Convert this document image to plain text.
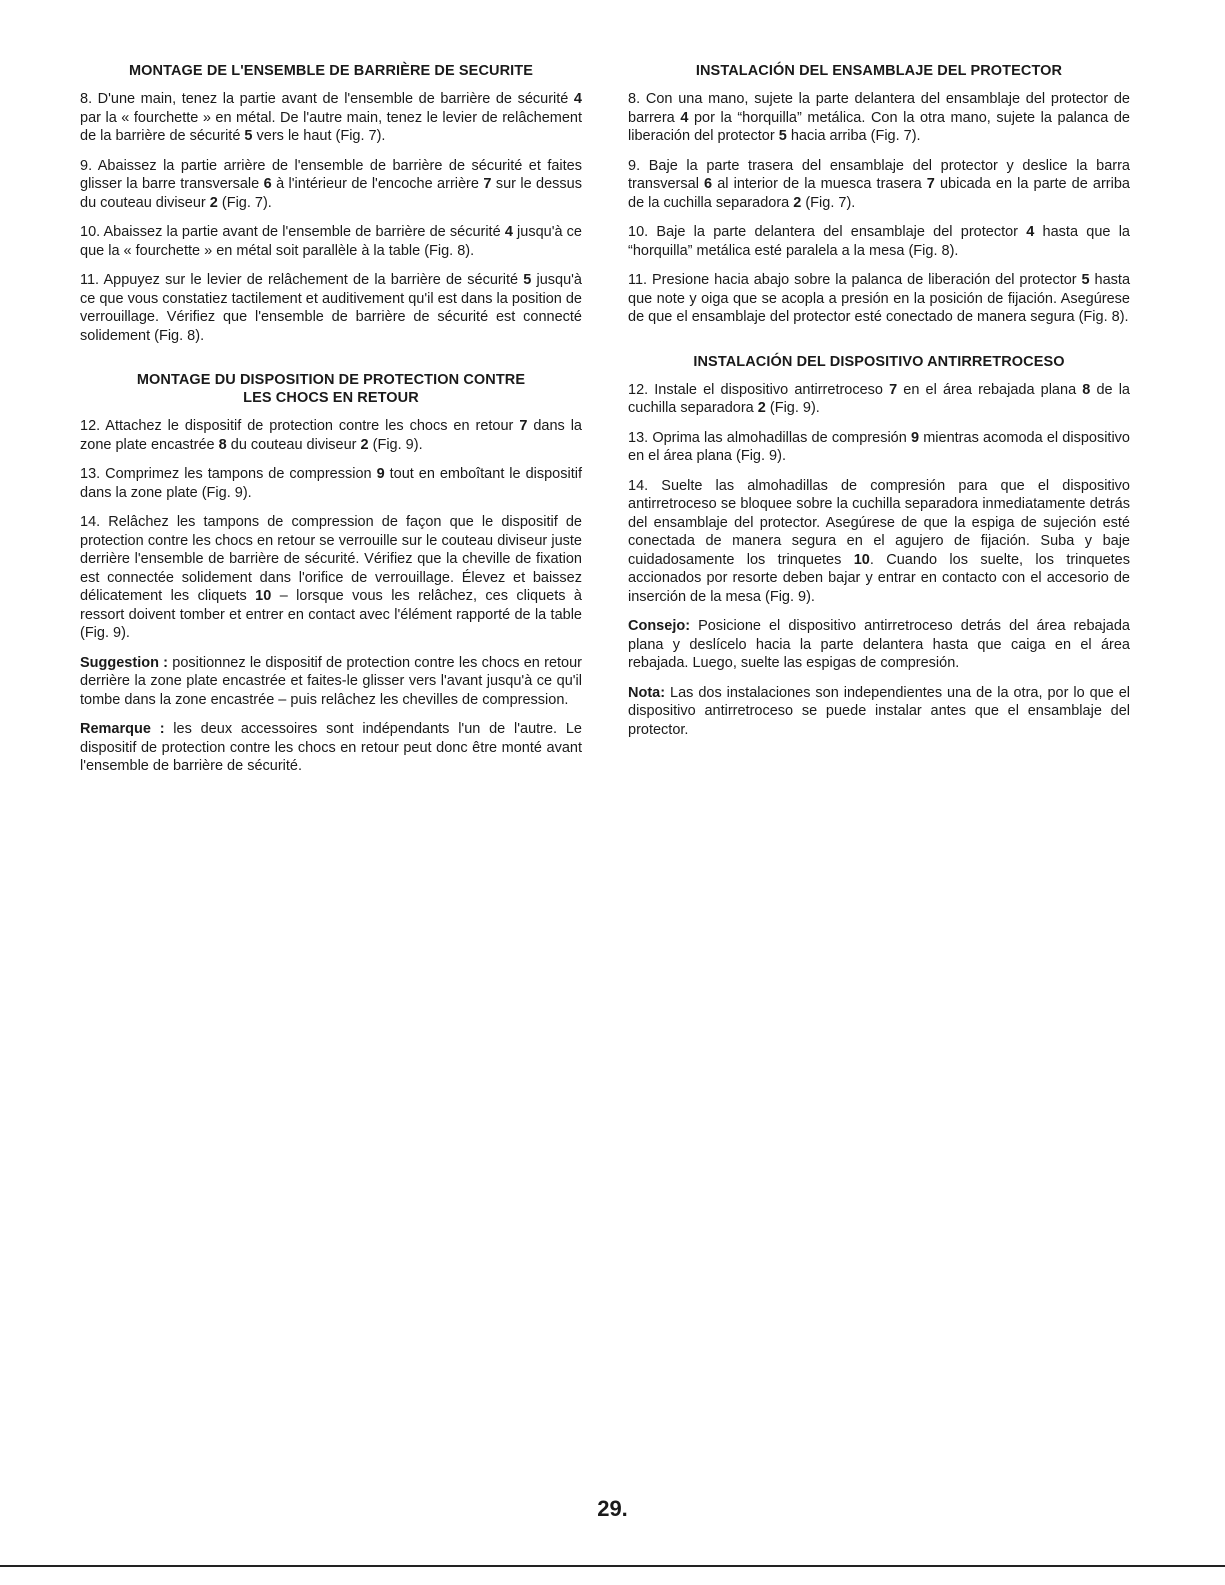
MONTAGE DE L'ENSEMBLE DE BARRIÈRE DE SECURITE

8. D'une main, tenez la partie avant de l'ensemble de barrière de sécurité 4 par la « fourchette » en métal. De l'autre main, tenez le levier de relâchement de la barrière de sécurité 5 vers le haut (Fig. 7).

9. Abaissez la partie arrière de l'ensemble de barrière de sécurité et faites glisser la barre transversale 6 à l'intérieur de l'encoche arrière 7 sur le dessus du couteau diviseur 2 (Fig. 7).

10. Abaissez la partie avant de l'ensemble de barrière de sécurité 4 jusqu'à ce que la « fourchette » en métal soit parallèle à la table (Fig. 8).

11. Appuyez sur le levier de relâchement de la barrière de sécurité 5 jusqu'à ce que vous constatiez tactilement et auditivement qu'il est dans la position de verrouillage. Vérifiez que l'ensemble de barrière de sécurité est connecté solidement (Fig. 8).

MONTAGE DU DISPOSITION DE PROTECTION CONTRE
LES CHOCS EN RETOUR

12. Attachez le dispositif de protection contre les chocs en retour 7 dans la zone plate encastrée 8 du couteau diviseur 2 (Fig. 9).

13. Comprimez les tampons de compression 9 tout en emboîtant le dispositif dans la zone plate (Fig. 9).

14. Relâchez les tampons de compression de façon que le dispositif de protection contre les chocs en retour se verrouille sur le couteau diviseur juste derrière l'ensemble de barrière de sécurité. Vérifiez que la cheville de fixation est connectée solidement dans l'orifice de verrouillage. Élevez et baissez délicatement les cliquets 10 – lorsque vous les relâchez, ces cliquets à ressort doivent tomber et entrer en contact avec l'élément rapporté de la table (Fig. 9).

Suggestion : positionnez le dispositif de protection contre les chocs en retour derrière la zone plate encastrée et faites-le glisser vers l'avant jusqu'à ce qu'il tombe dans la zone encastrée – puis relâchez les chevilles de compression.

Remarque : les deux accessoires sont indépendants l'un de l'autre. Le dispositif de protection contre les chocs en retour peut donc être monté avant l'ensemble de barrière de sécurité.

INSTALACIÓN DEL ENSAMBLAJE DEL PROTECTOR

8. Con una mano, sujete la parte delantera del ensamblaje del protector de barrera 4 por la “horquilla” metálica. Con la otra mano, sujete la palanca de liberación del protector 5 hacia arriba (Fig. 7).

9. Baje la parte trasera del ensamblaje del protector y deslice la barra transversal 6 al interior de la muesca trasera 7 ubicada en la parte de arriba de la cuchilla separadora 2 (Fig. 7).

10. Baje la parte delantera del ensamblaje del protector 4 hasta que la “horquilla” metálica esté paralela a la mesa (Fig. 8).

11. Presione hacia abajo sobre la palanca de liberación del protector 5 hasta que note y oiga que se acopla a presión en la posición de fijación. Asegúrese de que el ensamblaje del protector esté conectado de manera segura (Fig. 8).

INSTALACIÓN DEL DISPOSITIVO ANTIRRETROCESO

12. Instale el dispositivo antirretroceso 7 en el área rebajada plana 8 de la cuchilla separadora 2 (Fig. 9).

13. Oprima las almohadillas de compresión 9 mientras acomoda el dispositivo en el área plana (Fig. 9).

14. Suelte las almohadillas de compresión para que el dispositivo antirretroceso se bloquee sobre la cuchilla separadora inmediatamente detrás del ensamblaje del protector. Asegúrese de que la espiga de sujeción esté conectada de manera segura en el agujero de fijación. Suba y baje cuidadosamente los trinquetes 10. Cuando los suelte, los trinquetes accionados por resorte deben bajar y entrar en contacto con el accesorio de inserción de la mesa (Fig. 9).

Consejo: Posicione el dispositivo antirretroceso detrás del área rebajada plana y deslícelo hacia la parte delantera hasta que caiga en el área rebajada. Luego, suelte las espigas de compresión.

Nota: Las dos instalaciones son independientes una de la otra, por lo que el dispositivo antirretroceso se puede instalar antes que el ensamblaje del protector.

29.
